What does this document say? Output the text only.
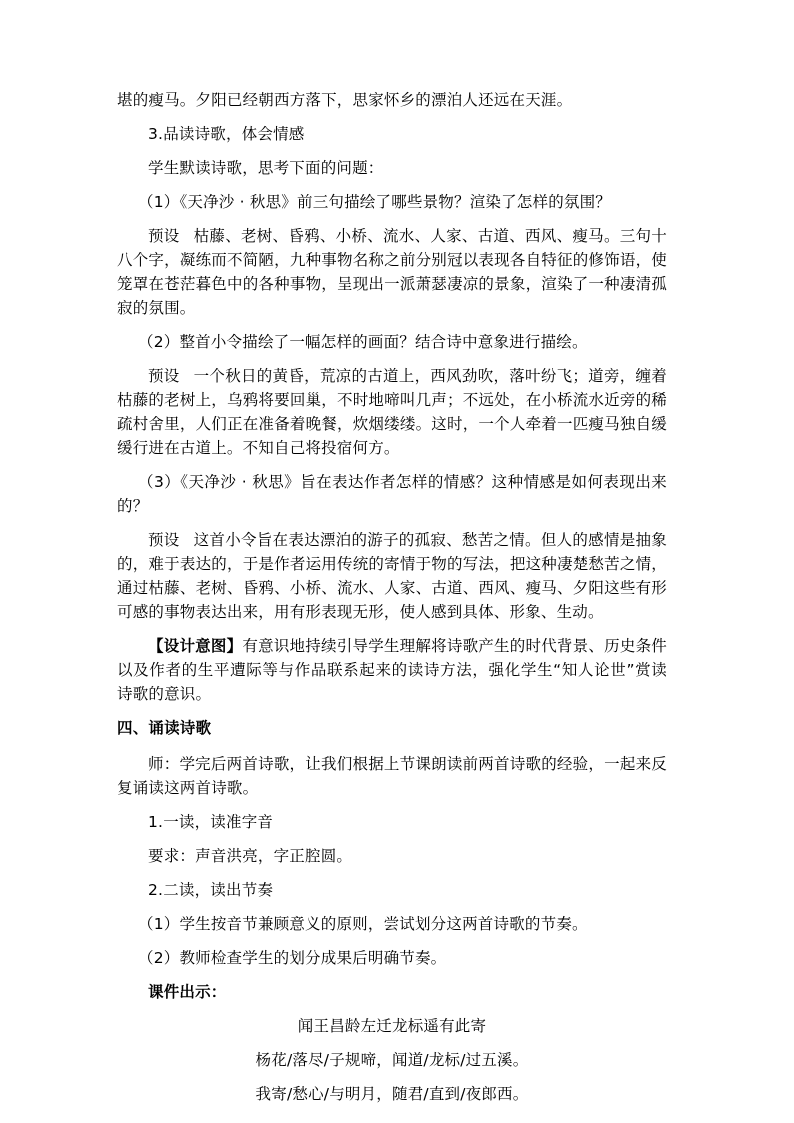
堪的瘦马。夕阳已经朝西方落下，思家怀乡的漂泊人还远在天涯。

3.品读诗歌，体会情感

学生默读诗歌，思考下面的问题：

（1）《天净沙 · 秋思》前三句描绘了哪些景物？渲染了怎样的氛围？

预设 枯藤、老树、昏鸦、小桥、流水、人家、古道、西风、瘦马。三句十八个字，凝练而不简陋，九种事物名称之前分别冠以表现各自特征的修饰语，使笼罩在苍茫暮色中的各种事物，呈现出一派萧瑟凄凉的景象，渲染了一种凄清孤寂的氛围。

（2）整首小令描绘了一幅怎样的画面？结合诗中意象进行描绘。

预设 一个秋日的黄昏，荒凉的古道上，西风劲吹，落叶纷飞；道旁，缠着枯藤的老树上，乌鸦将要回巢，不时地啼叫几声；不远处，在小桥流水近旁的稀疏村舍里，人们正在准备着晚餐，炊烟缕缕。这时，一个人牵着一匹瘦马独自缓缓行进在古道上。不知自己将投宿何方。

（3）《天净沙 · 秋思》旨在表达作者怎样的情感？这种情感是如何表现出来的？

预设 这首小令旨在表达漂泊的游子的孤寂、愁苦之情。但人的感情是抽象的，难于表达的，于是作者运用传统的寄情于物的写法，把这种凄楚愁苦之情，通过枯藤、老树、昏鸦、小桥、流水、人家、古道、西风、瘦马、夕阳这些有形可感的事物表达出来，用有形表现无形，使人感到具体、形象、生动。

【设计意图】有意识地持续引导学生理解将诗歌产生的时代背景、历史条件以及作者的生平遭际等与作品联系起来的读诗方法，强化学生“知人论世”赏读诗歌的意识。

四、诵读诗歌

师：学完后两首诗歌，让我们根据上节课朗读前两首诗歌的经验，一起来反复诵读这两首诗歌。

1.一读，读准字音

要求：声音洪亮，字正腔圆。

2.二读，读出节奏

（1）学生按音节兼顾意义的原则，尝试划分这两首诗歌的节奏。

（2）教师检查学生的划分成果后明确节奏。

课件出示：

闻王昌龄左迁龙标遥有此寄

杨花/落尽/子规啼，闻道/龙标/过五溪。

我寄/愁心/与明月，随君/直到/夜郎西。
